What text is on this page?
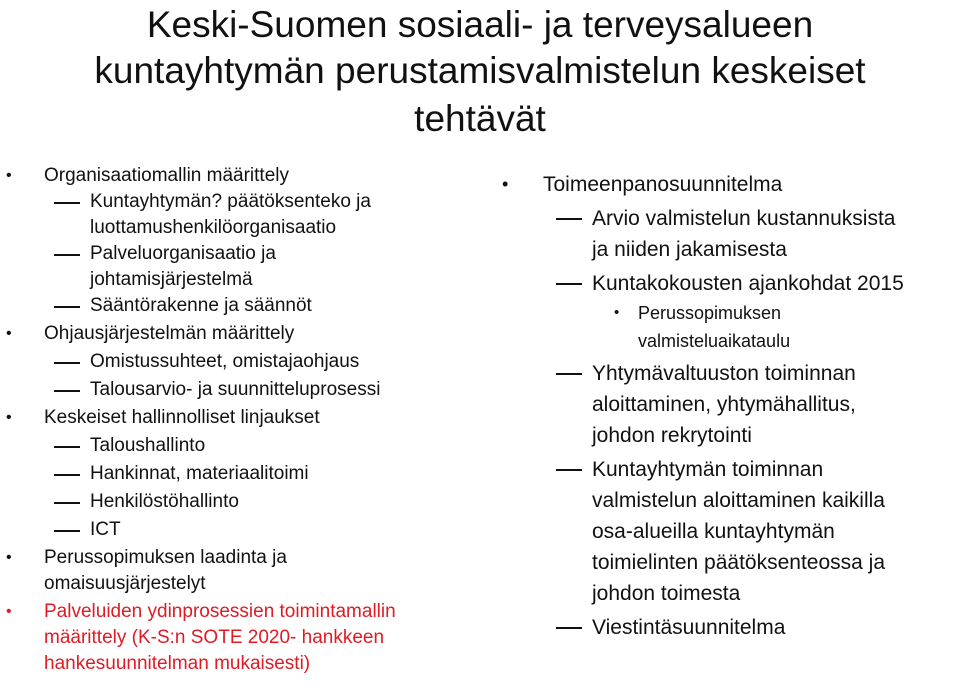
Keski-Suomen sosiaali- ja terveysalueen
kuntayhtymän perustamisvalmistelun keskeiset
tehtävät
• Organisaatiomallin määrittely
Kuntayhtymän? päätöksenteko ja
luottamushenkilöorganisaatio
Palveluorganisaatio ja
johtamisjärjestelmä
Sääntörakenne ja säännöt
• Ohjausjärjestelmän määrittely
Omistussuhteet, omistajaohjaus
Talousarvio- ja suunnitteluprosessi
• Keskeiset hallinnolliset linjaukset
Taloushallinto
Hankinnat, materiaalitoimi
Henkilöstöhallinto
ICT
• Perussopimuksen laadinta ja
omaisuusjärjestelyt
• Palveluiden ydinprosessien toimintamallin
määrittely (K-S:n SOTE 2020- hankkeen
hankesuunnitelman mukaisesti)
• Toimeenpanosuunnitelma
Arvio valmistelun kustannuksista
ja niiden jakamisesta
Kuntakokousten ajankohdat 2015
• Perussopimuksen
valmisteluaikataulu
Yhtymävaltuuston toiminnan
aloittaminen, yhtymähallitus,
johdon rekrytointi
Kuntayhtymän toiminnan
valmistelun aloittaminen kaikilla
osa-alueilla kuntayhtymän
toimielinten päätöksenteossa ja
johdon toimesta
Viestintäsuunnitelma
